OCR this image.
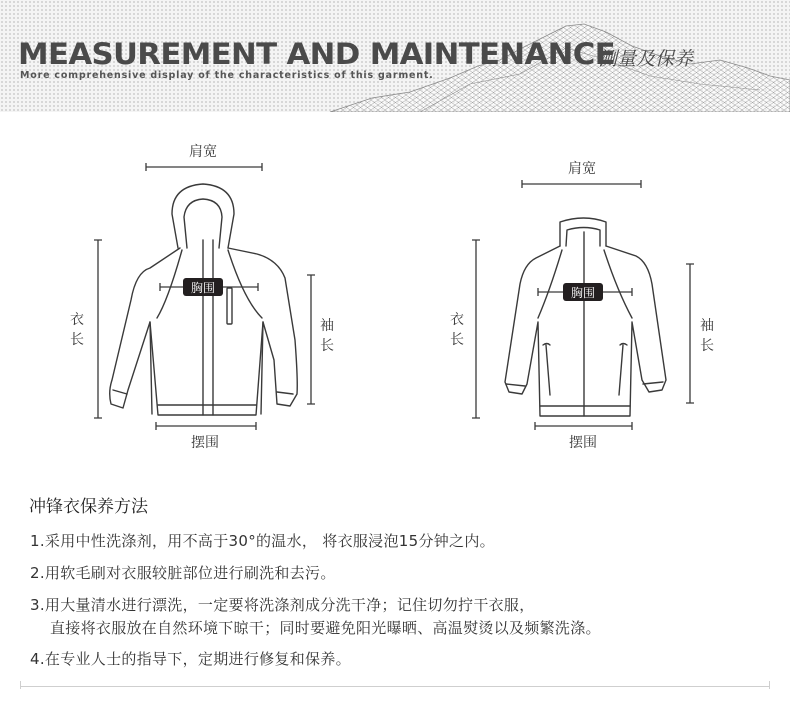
MEASUREMENT AND MAINTENANCE
测量及保养
More comprehensive display of the characteristics of this garment.
肩宽
胸围
衣
长
袖
长
摆围
肩宽
胸围
衣
长
袖
长
摆围
冲锋衣保养方法
1.采用中性洗涤剂，用不高于30°的温水， 将衣服浸泡15分钟之内。
2.用软毛刷对衣服较脏部位进行刷洗和去污。
3.用大量清水进行漂洗，一定要将洗涤剂成分洗干净；记住切勿拧干衣服，
直接将衣服放在自然环境下晾干；同时要避免阳光曝晒、高温熨烫以及频繁洗涤。
4.在专业人士的指导下，定期进行修复和保养。
